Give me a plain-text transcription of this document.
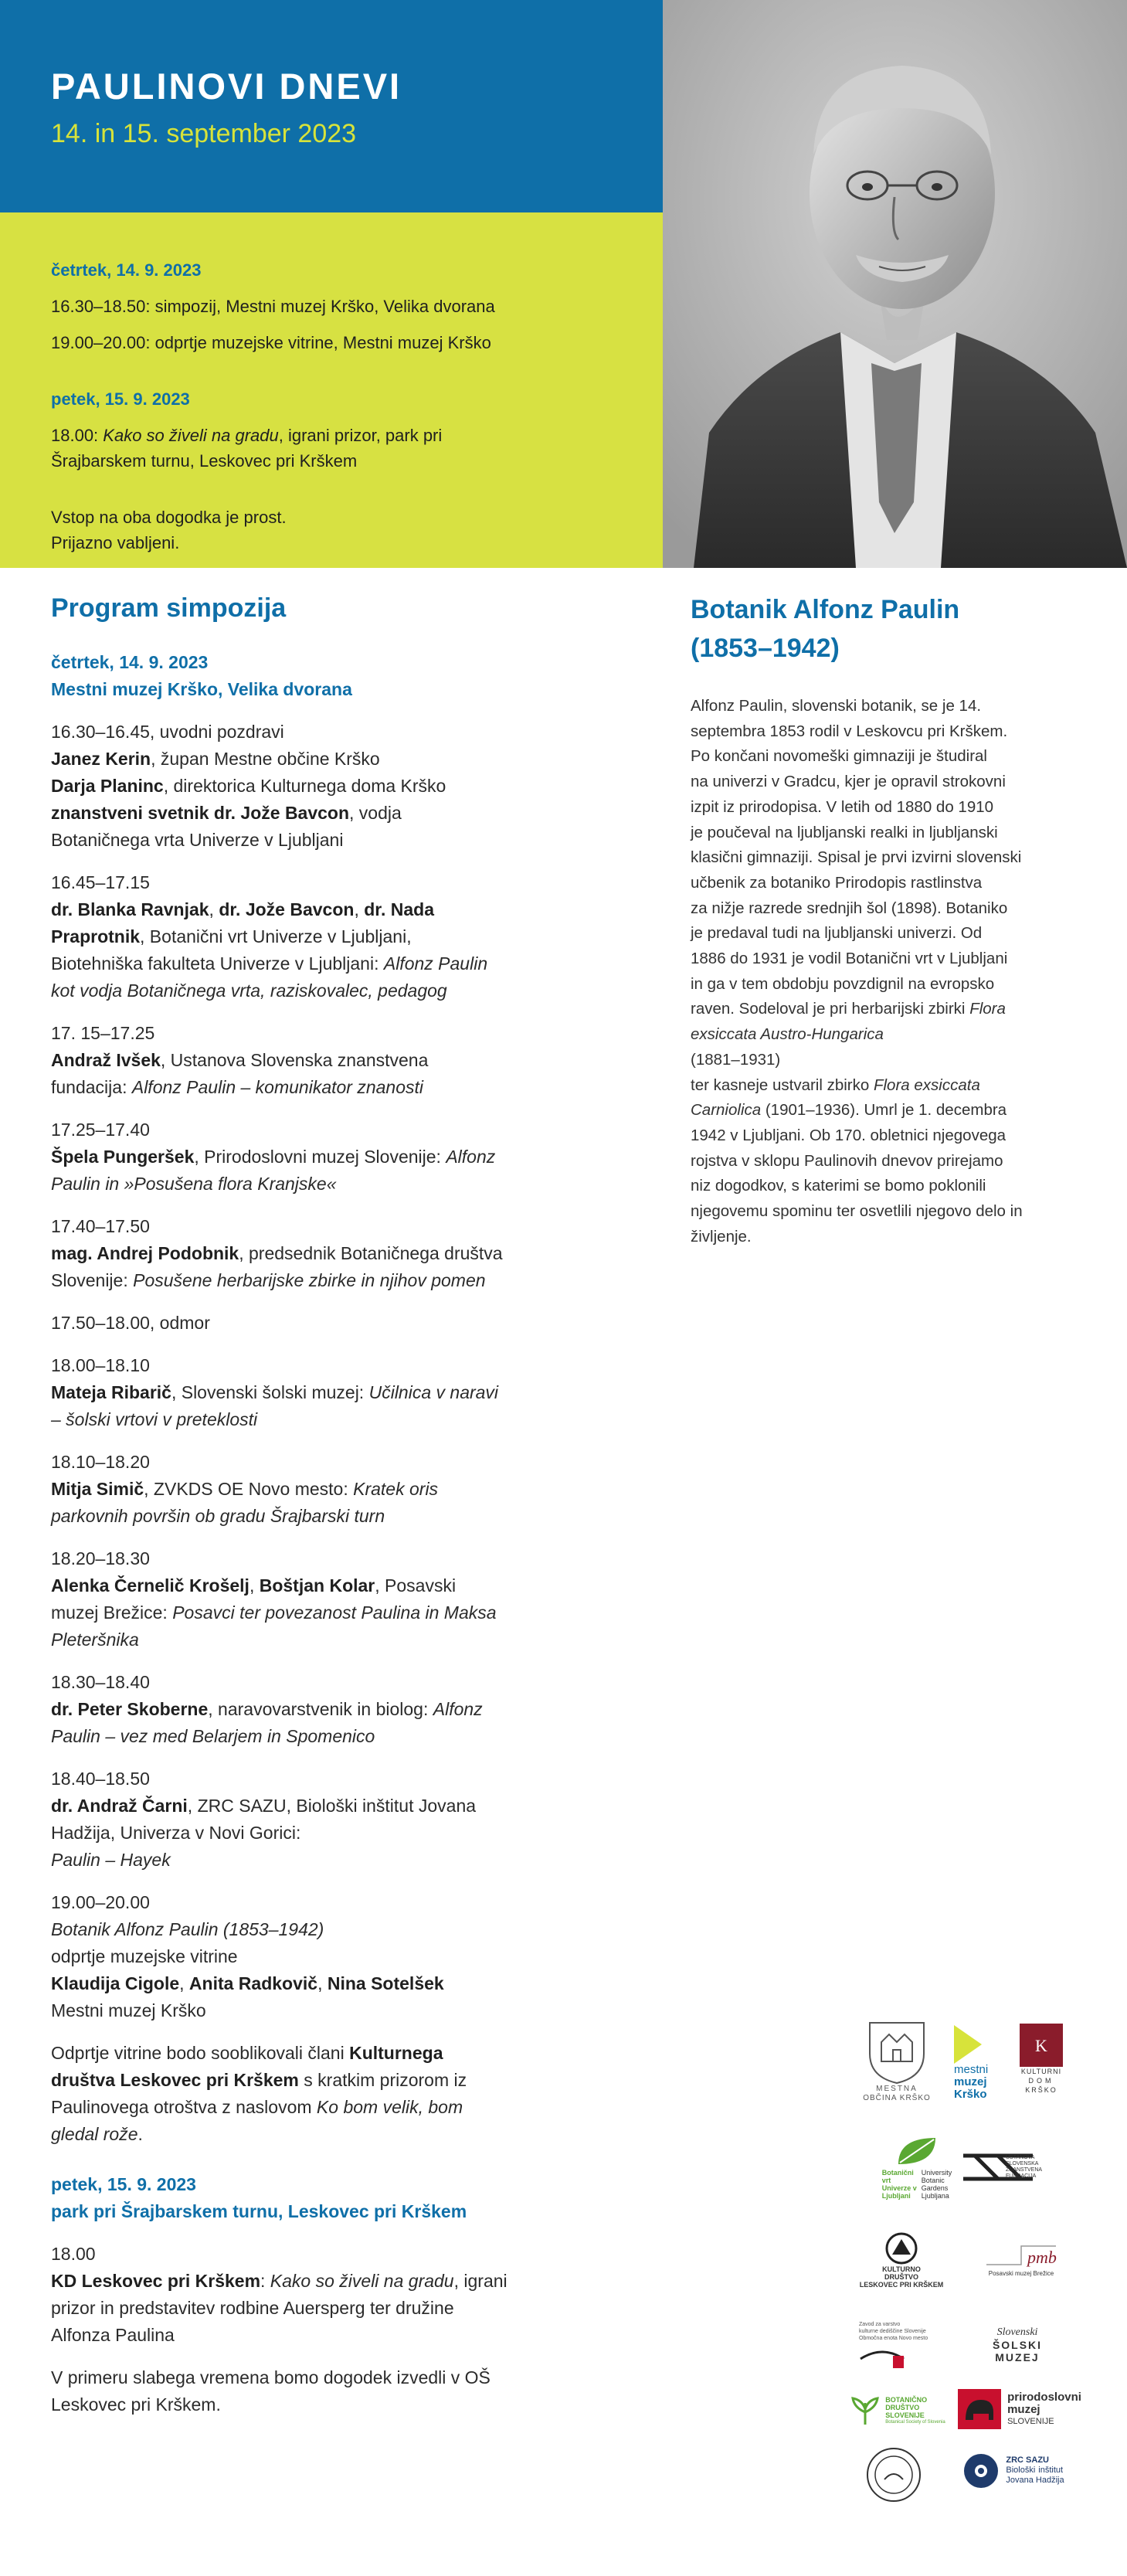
PAULINOVI DNEVI
14. in 15. september 2023

četrtek, 14. 9. 2023

16.30–18.50: simpozij, Mestni muzej Krško, Velika dvorana

19.00–20.00: odprtje muzejske vitrine, Mestni muzej Krško

petek, 15. 9. 2023

18.00: Kako so živeli na gradu, igrani prizor, park pri

Šrajbarskem turnu, Leskovec pri Krškem

Vstop na oba dogodka je prost.

Prijazno vabljeni.

Program simpozija
četrtek, 14. 9. 2023
Mestni muzej Krško, Velika dvorana
16.30–16.45, uvodni pozdravi
Janez Kerin, župan Mestne občine Krško
Darja Planinc, direktorica Kulturnega doma Krško
znanstveni svetnik dr. Jože Bavcon, vodja
Botaničnega vrta Univerze v Ljubljani
16.45–17.15
dr. Blanka Ravnjak, dr. Jože Bavcon, dr. Nada
Praprotnik, Botanični vrt Univerze v Ljubljani,
Biotehniška fakulteta Univerze v Ljubljani: Alfonz Paulin
kot vodja Botaničnega vrta, raziskovalec, pedagog
17. 15–17.25
Andraž Ivšek, Ustanova Slovenska znanstvena
fundacija: Alfonz Paulin – komunikator znanosti
17.25–17.40
Špela Pungeršek, Prirodoslovni muzej Slovenije: Alfonz
Paulin in »Posušena flora Kranjske«
17.40–17.50
mag. Andrej Podobnik, predsednik Botaničnega društva
Slovenije: Posušene herbarijske zbirke in njihov pomen
17.50–18.00, odmor
18.00–18.10
Mateja Ribarič, Slovenski šolski muzej: Učilnica v naravi
– šolski vrtovi v preteklosti
18.10–18.20
Mitja Simič, ZVKDS OE Novo mesto: Kratek oris
parkovnih površin ob gradu Šrajbarski turn
18.20–18.30
Alenka Černelič Krošelj, Boštjan Kolar, Posavski
muzej Brežice: Posavci ter povezanost Paulina in Maksa
Pleteršnika
18.30–18.40
dr. Peter Skoberne, naravovarstvenik in biolog: Alfonz
Paulin – vez med Belarjem in Spomenico
18.40–18.50
dr. Andraž Čarni, ZRC SAZU, Biološki inštitut Jovana
Hadžija, Univerza v Novi Gorici:
Paulin – Hayek
19.00–20.00
Botanik Alfonz Paulin (1853–1942)
odprtje muzejske vitrine
Klaudija Cigole, Anita Radkovič, Nina Sotelšek
Mestni muzej Krško
Odprtje vitrine bodo sooblikovali člani Kulturnega
društva Leskovec pri Krškem s kratkim prizorom iz
Paulinovega otroštva z naslovom Ko bom velik, bom
gledal rože.
petek, 15. 9. 2023
park pri Šrajbarskem turnu, Leskovec pri Krškem
18.00
KD Leskovec pri Krškem: Kako so živeli na gradu, igrani
prizor in predstavitev rodbine Auersperg ter družine
Alfonza Paulina
V primeru slabega vremena bomo dogodek izvedli v OŠ
Leskovec pri Krškem.
Botanik Alfonz Paulin
(1853–1942)
Alfonz Paulin, slovenski botanik, se je 14.
septembra 1853 rodil v Leskovcu pri Krškem.
Po končani novomeški gimnaziji je študiral
na univerzi v Gradcu, kjer je opravil strokovni
izpit iz prirodopisa. V letih od 1880 do 1910
je poučeval na ljubljanski realki in ljubljanski
klasični gimnaziji. Spisal je prvi izvirni slovenski
učbenik za botaniko Prirodopis rastlinstva
za nižje razrede srednjih šol (1898). Botaniko
je predaval tudi na ljubljanski univerzi. Od
1886 do 1931 je vodil Botanični vrt v Ljubljani
in ga v tem obdobju povzdignil na evropsko
raven. Sodeloval je pri herbarijski zbirki Flora
exsiccata Austro-Hungarica
(1881–1931)
ter kasneje ustvaril zbirko Flora exsiccata
Carniolica (1901–1936). Umrl je 1. decembra
1942 v Ljubljani. Ob 170. obletnici njegovega
rojstva v sklopu Paulinovih dnevov prirejamo
niz dogodkov, s katerimi se bomo poklonili
njegovemu spominu ter osvetlili njegovo delo in
življenje.
MESTNA
OBČINA KRŠKO
mestni
muzej
Krško
K
KULTURNI
DOM
KRŠKO
Botanični
vrt
Univerze v
Ljubljani
University
Botanic
Gardens
Ljubljana
USTANOVA
SLOVENSKA
ZNANSTVENA
FUNDACIJA
KULTURNO
DRUŠTVO
LESKOVEC PRI KRŠKEM
pmb
Posavski muzej Brežice
Zavod za varstvo
kulturne dediščine Slovenije
Območna enota Novo mesto	Slovenski
ŠOLSKI
MUZEJ
BOTANIČNO
DRUŠTVO
SLOVENIJE
Botanical Society of Slovenia
prirodoslovni
muzej
SLOVENIJE
ZRC SAZU
Biološki inštitut
Jovana Hadžija
